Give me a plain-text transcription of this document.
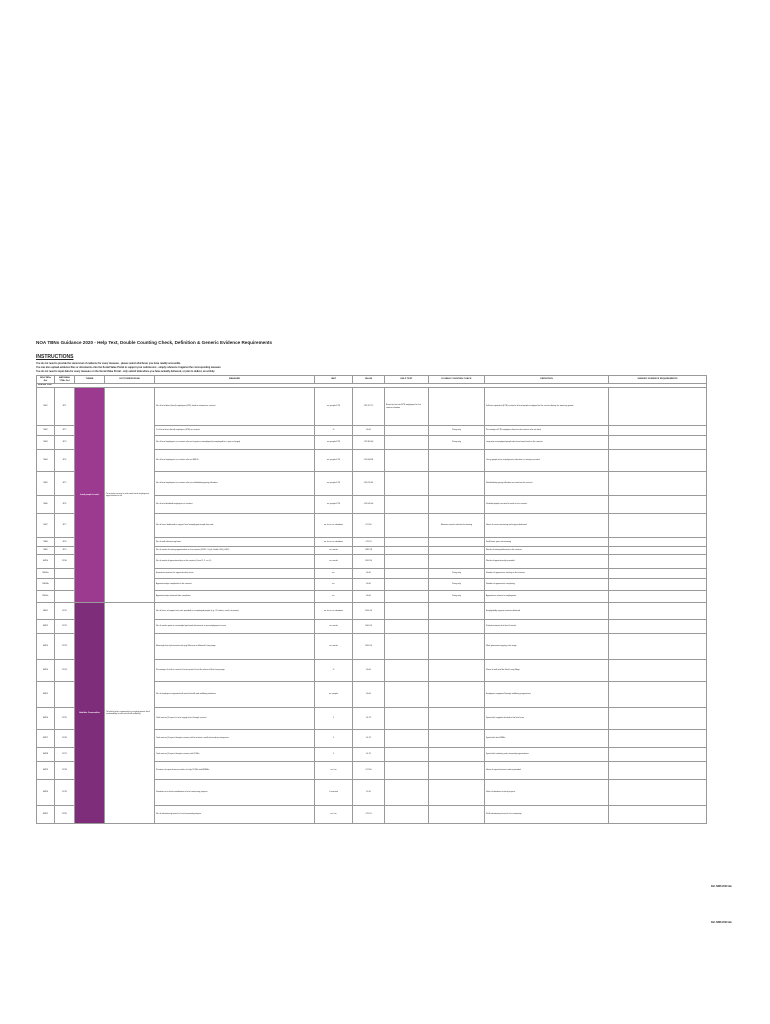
NOA TBNs Guidance 2020 - Help Text, Double Counting Check, Definition & Generic Evidence Requirements
INSTRUCTIONS
You do not need to provide the same level of evidence for every measure - please select whichever you have readily accessible
You can also upload evidence files or documents onto the Social Value Portal to support your submission - simply reference it against the corresponding measure
You do not need to input data for every measure on the Social Value Portal - only submit data where you have actually delivered, or plan to deliver, an activity
NOA TBNs Ref	NATIONAL TOMs Ref	THEME	OUTCOME/PLEDGE	MEASURE	UNIT	VALUE	HELP TEXT	DOUBLE COUNTING CHECK	DEFINITION	GENERIC EVIDENCE REQUIREMENTS
NOA Wal TOMs										
NW1	NT1	Local people in work	To increase access to and create local employment opportunities for all	No. of local direct (local) employees (FTE) hired or retained on contract	no. people FTE	£32,127.71	Based on the total FTE employees for the contract duration		Full-time equivalent (FTE) contracts of local people employed on the contract during the reporting period	
NW2	NT2			% of local direct (local) employees (FTE) on contract	%	£0.00		Proxy only	Percentage of FTE employees hired on the contract who are local	
NW3	NT3			No. of local employees on contract who are long-term unemployed (unemployed for a year or longer)	no. people FTE	£22,301.00		Proxy only	Long-term unemployed people who have been hired on the contract	
NW4	NT4			No. of local employees on contract who are NEETs	no. people FTE	£14,204.98			Young people not in employment, education or training recruited	
NW5	NT5			No. of local employees on contract who are rehabilitating young offenders	no. people FTE	£20,215.34			Rehabilitating young offenders recruited on the contract	
NW6	NT6			No. of local disabled employees on contract	no. people FTE	£14,541.00			Disabled people recruited to work on the contract	
NW7	NT7			No. of hours dedicated to support local unemployed people into work	no. hrs x no. attendees	£97.00		Measure must be attached to training	Hours of career mentoring and support delivered	
NW8	NT8			No. of staff volunteering hours	no. hrs x no. attendees	£15.24			Staff hours spent volunteering	
NW9	NT9			No. of weeks of training opportunities on the contract (BTEC, City & Guilds, NVQ, HNC)	no. weeks	£283.18			Weeks of training delivered on the contract	
NW10	NT10			No. of weeks of apprenticeships on the contract (Level 2, 3, or 4+)	no. weeks	£207.00			Weeks of apprenticeship provided	
NW10a				Equivalent measure for apprenticeship starts	no.	£0.00		Proxy only	Number of apprentices starting on the contract	
NW10b				Apprenticeships completed on the contract	no.	£0.00		Proxy only	Number of apprentices completing	
NW10c				Apprenticeships retained after completion	no.	£0.00		Proxy only	Apprentices retained in employment	
NW11	NT11	Healthier Communities	To build a better community by creating greater local sustainability, health and social wellbeing	No. of hours of support into work provided to unemployed people (e.g. CV advice, mock interviews)	no. hrs x no. attendees	£101.00			Employability support sessions delivered	
NW12	NT12			No. of weeks spent on meaningful paid work placements or pre-employment course	no. weeks	£167.00			Paid placements of at least 6 weeks	
NW13	NT13			Meaningful work placements that pay Minimum or National Living wage	no. weeks	£207.00			Work placements paying a fair wage	
NW14	NT14			Percentage of staff on contract that are paid at least the relevant Real Living wage	%	£0.00			Share of staff paid the Real Living Wage	
NW15				No. of employees supported with mental health and wellbeing initiatives	no. people	£0.00			Employees supported through wellbeing programmes	
NW16	NT15			Total amount (£) spent in local supply chain through contract	£	£0.73			Spend with suppliers located in the local area	
NW17	NT16			Total amount (£) spent through contract with local micro, small and medium enterprises	£	£0.73			Spend with local SMEs	
NW18	NT17			Total amount (£) spent through contract with VCSEs	£	£0.12			Spend with voluntary and community organisations	
NW19	NT18			Provision of expert business advice to help VCSEs and MSMEs	no. hrs	£97.00			Hours of expert business advice provided	
NW20	NT19			Donations or in-kind contributions to local community projects	£ invested	£1.00			Value of donations to local projects	
NW21	NT20			No. of volunteering hours for local community projects	no. hrs	£15.24			Staff volunteering hours for the community	
Ref. NW8 2020 tab
Ref. NW8 2020 tab
